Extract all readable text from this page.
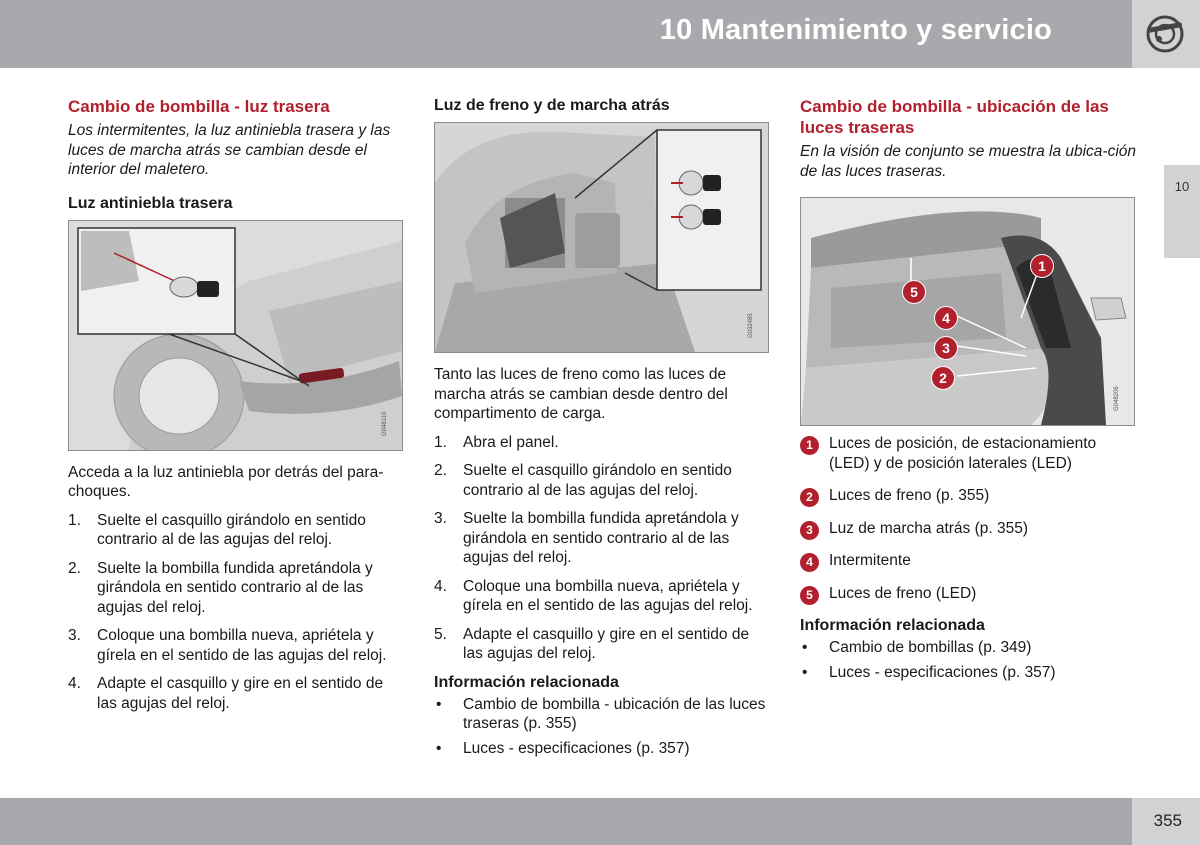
10 Mantenimiento y servicio
10
Cambio de bombilla - luz trasera

Los intermitentes, la luz antiniebla trasera y las luces de marcha atrás se cambian desde el interior del maletero.

Luz antiniebla trasera
G048110

Acceda a la luz antiniebla por detrás del para-choques.

1. Suelte el casquillo girándolo en sentido contrario al de las agujas del reloj.
2. Suelte la bombilla fundida apretándola y girándola en sentido contrario al de las agujas del reloj.
3. Coloque una bombilla nueva, apriétela y gírela en el sentido de las agujas del reloj.
4. Adapte el casquillo y gire en el sentido de las agujas del reloj.
Luz de freno y de marcha atrás
G032485

Tanto las luces de freno como las luces de marcha atrás se cambian desde dentro del compartimento de carga.

1. Abra el panel.
2. Suelte el casquillo girándolo en sentido contrario al de las agujas del reloj.
3. Suelte la bombilla fundida apretándola y girándola en sentido contrario al de las agujas del reloj.
4. Coloque una bombilla nueva, apriétela y gírela en el sentido de las agujas del reloj.
5. Adapte el casquillo y gire en el sentido de las agujas del reloj.
Información relacionada
• Cambio de bombilla - ubicación de las luces traseras (p. 355)
• Luces - especificaciones (p. 357)
Cambio de bombilla - ubicación de las luces traseras

En la visión de conjunto se muestra la ubica-ción de las luces traseras.

1
2
3
4
5
G048206
1	Luces de posición, de estacionamiento (LED) y de posición laterales (LED)
2	Luces de freno (p. 355)
3	Luz de marcha atrás (p. 355)
4	Intermitente
5	Luces de freno (LED)
Información relacionada
• Cambio de bombillas (p. 349)
• Luces - especificaciones (p. 357)
355
